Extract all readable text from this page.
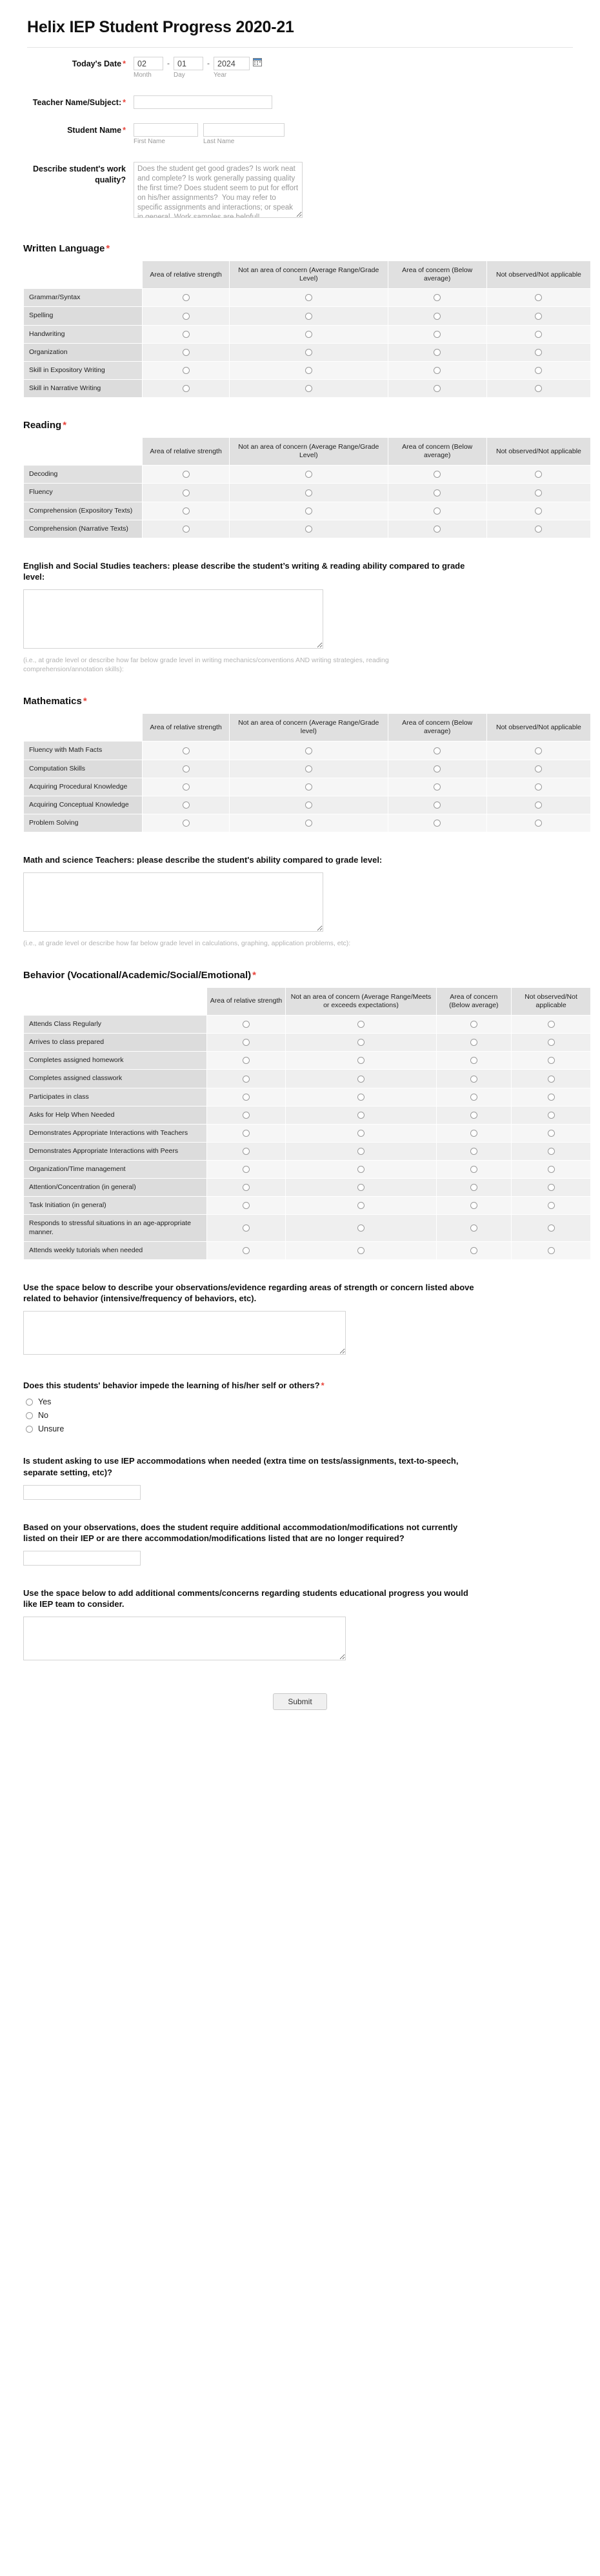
Helix IEP Student Progress 2020-21
Today's Date *
02
Month
-
01
Day
-
2024
Year
Teacher Name/Subject: *
Student Name *
First Name	Last Name
Describe student's work quality?
Does the student get good grades? Is work neat and complete? Is work generally passing quality the first time? Does student seem to put for effort on his/her assignments? You may refer to specific assignments and interactions; or speak in general. Work samples are helpful!
Written Language *
	Area of relative strength	Not an area of concern (Average Range/Grade Level)	Area of concern (Below average)	Not observed/Not applicable
Grammar/Syntax				
Spelling				
Handwriting				
Organization				
Skill in Expository Writing				
Skill in Narrative Writing				
Reading *
	Area of relative strength	Not an area of concern (Average Range/Grade Level)	Area of concern (Below average)	Not observed/Not applicable
Decoding				
Fluency				
Comprehension (Expository Texts)				
Comprehension (Narrative Texts)				
English and Social Studies teachers: please describe the student’s writing & reading ability compared to grade level:
(i.e., at grade level or describe how far below grade level in writing mechanics/conventions AND writing strategies, reading comprehension/annotation skills):
Mathematics *
	Area of relative strength	Not an area of concern (Average Range/Grade level)	Area of concern (Below average)	Not observed/Not applicable
Fluency with Math Facts				
Computation Skills				
Acquiring Procedural Knowledge				
Acquiring Conceptual Knowledge				
Problem Solving				
Math and science Teachers: please describe the student's ability compared to grade level:
(i.e., at grade level or describe how far below grade level in calculations, graphing, application problems, etc):
Behavior (Vocational/Academic/Social/Emotional) *
	Area of relative strength	Not an area of concern (Average Range/Meets or exceeds expectations)	Area of concern (Below average)	Not observed/Not applicable
Attends Class Regularly				
Arrives to class prepared				
Completes assigned homework				
Completes assigned classwork				
Participates in class				
Asks for Help When Needed				
Demonstrates Appropriate Interactions with Teachers				
Demonstrates Appropriate Interactions with Peers				
Organization/Time management				
Attention/Concentration (in general)				
Task Initiation (in general)				
Responds to stressful situations in an age-appropriate manner.				
Attends weekly tutorials when needed				
Use the space below to describe your observations/evidence regarding areas of strength or concern listed above related to behavior (intensive/frequency of behaviors, etc).
Does this students' behavior impede the learning of his/her self or others? *
Yes
No
Unsure
Is student asking to use IEP accommodations when needed (extra time on tests/assignments, text-to-speech, separate setting, etc)?
Based on your observations, does the student require additional accommodation/modifications not currently listed on their IEP or are there accommodation/modifications listed that are no longer required?
Use the space below to add additional comments/concerns regarding students educational progress you would like IEP team to consider.
Submit
